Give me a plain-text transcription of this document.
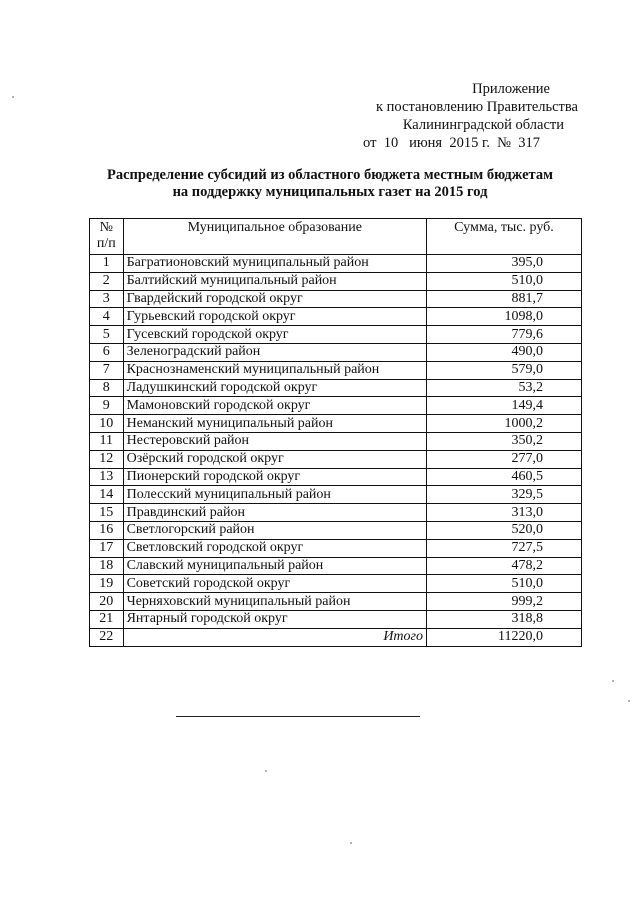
Приложение
к постановлению Правительства
Калининградской области
от 10 июня 2015 г. № 317
Распределение субсидий из областного бюджета местным бюджетам
на поддержку муниципальных газет на 2015 год
№
п/п	Муниципальное образование	Сумма, тыс. руб.
1	Багратионовский муниципальный район	395,0
2	Балтийский муниципальный район	510,0
3	Гвардейский городской округ	881,7
4	Гурьевский городской округ	1098,0
5	Гусевский городской округ	779,6
6	Зеленоградский район	490,0
7	Краснознаменский муниципальный район	579,0
8	Ладушкинский городской округ	53,2
9	Мамоновский городской округ	149,4
10	Неманский муниципальный район	1000,2
11	Нестеровский район	350,2
12	Озёрский городской округ	277,0
13	Пионерский городской округ	460,5
14	Полесский муниципальный район	329,5
15	Правдинский район	313,0
16	Светлогорский район	520,0
17	Светловский городской округ	727,5
18	Славский муниципальный район	478,2
19	Советский городской округ	510,0
20	Черняховский муниципальный район	999,2
21	Янтарный городской округ	318,8
22	Итого	11220,0
